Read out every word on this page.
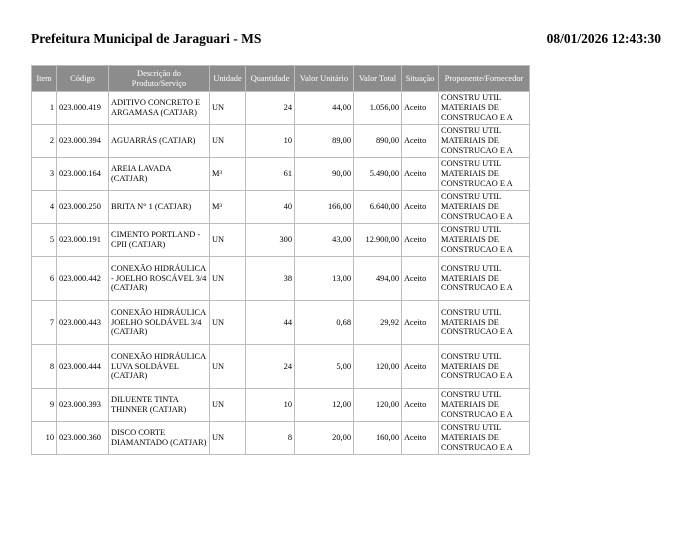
Prefeitura Municipal de Jaraguari - MS	08/01/2026 12:43:30
Item	Código	Descrição do Produto/Serviço	Unidade	Quantidade	Valor Unitário	Valor Total	Situação	Proponente/Fornecedor
1	023.000.419	ADITIVO CONCRETO E ARGAMASA (CATJAR)	UN	24	44,00	1.056,00	Aceito	CONSTRU UTIL MATERIAIS DE CONSTRUCAO E A
2	023.000.394	AGUARRÁS (CATJAR)	UN	10	89,00	890,00	Aceito	CONSTRU UTIL MATERIAIS DE CONSTRUCAO E A
3	023.000.164	AREIA LAVADA (CATJAR)	M³	61	90,00	5.490,00	Aceito	CONSTRU UTIL MATERIAIS DE CONSTRUCAO E A
4	023.000.250	BRITA N° 1 (CATJAR)	M³	40	166,00	6.640,00	Aceito	CONSTRU UTIL MATERIAIS DE CONSTRUCAO E A
5	023.000.191	CIMENTO PORTLAND - CPII (CATJAR)	UN	300	43,00	12.900,00	Aceito	CONSTRU UTIL MATERIAIS DE CONSTRUCAO E A
6	023.000.442	CONEXÃO HIDRÁULICA - JOELHO ROSCÁVEL 3/4 (CATJAR)	UN	38	13,00	494,00	Aceito	CONSTRU UTIL MATERIAIS DE CONSTRUCAO E A
7	023.000.443	CONEXÃO HIDRÁULICA JOELHO SOLDÁVEL 3/4 (CATJAR)	UN	44	0,68	29,92	Aceito	CONSTRU UTIL MATERIAIS DE CONSTRUCAO E A
8	023.000.444	CONEXÃO HIDRÁULICA LUVA SOLDÁVEL (CATJAR)	UN	24	5,00	120,00	Aceito	CONSTRU UTIL MATERIAIS DE CONSTRUCAO E A
9	023.000.393	DILUENTE TINTA THINNER (CATJAR)	UN	10	12,00	120,00	Aceito	CONSTRU UTIL MATERIAIS DE CONSTRUCAO E A
10	023.000.360	DISCO CORTE DIAMANTADO (CATJAR)	UN	8	20,00	160,00	Aceito	CONSTRU UTIL MATERIAIS DE CONSTRUCAO E A
